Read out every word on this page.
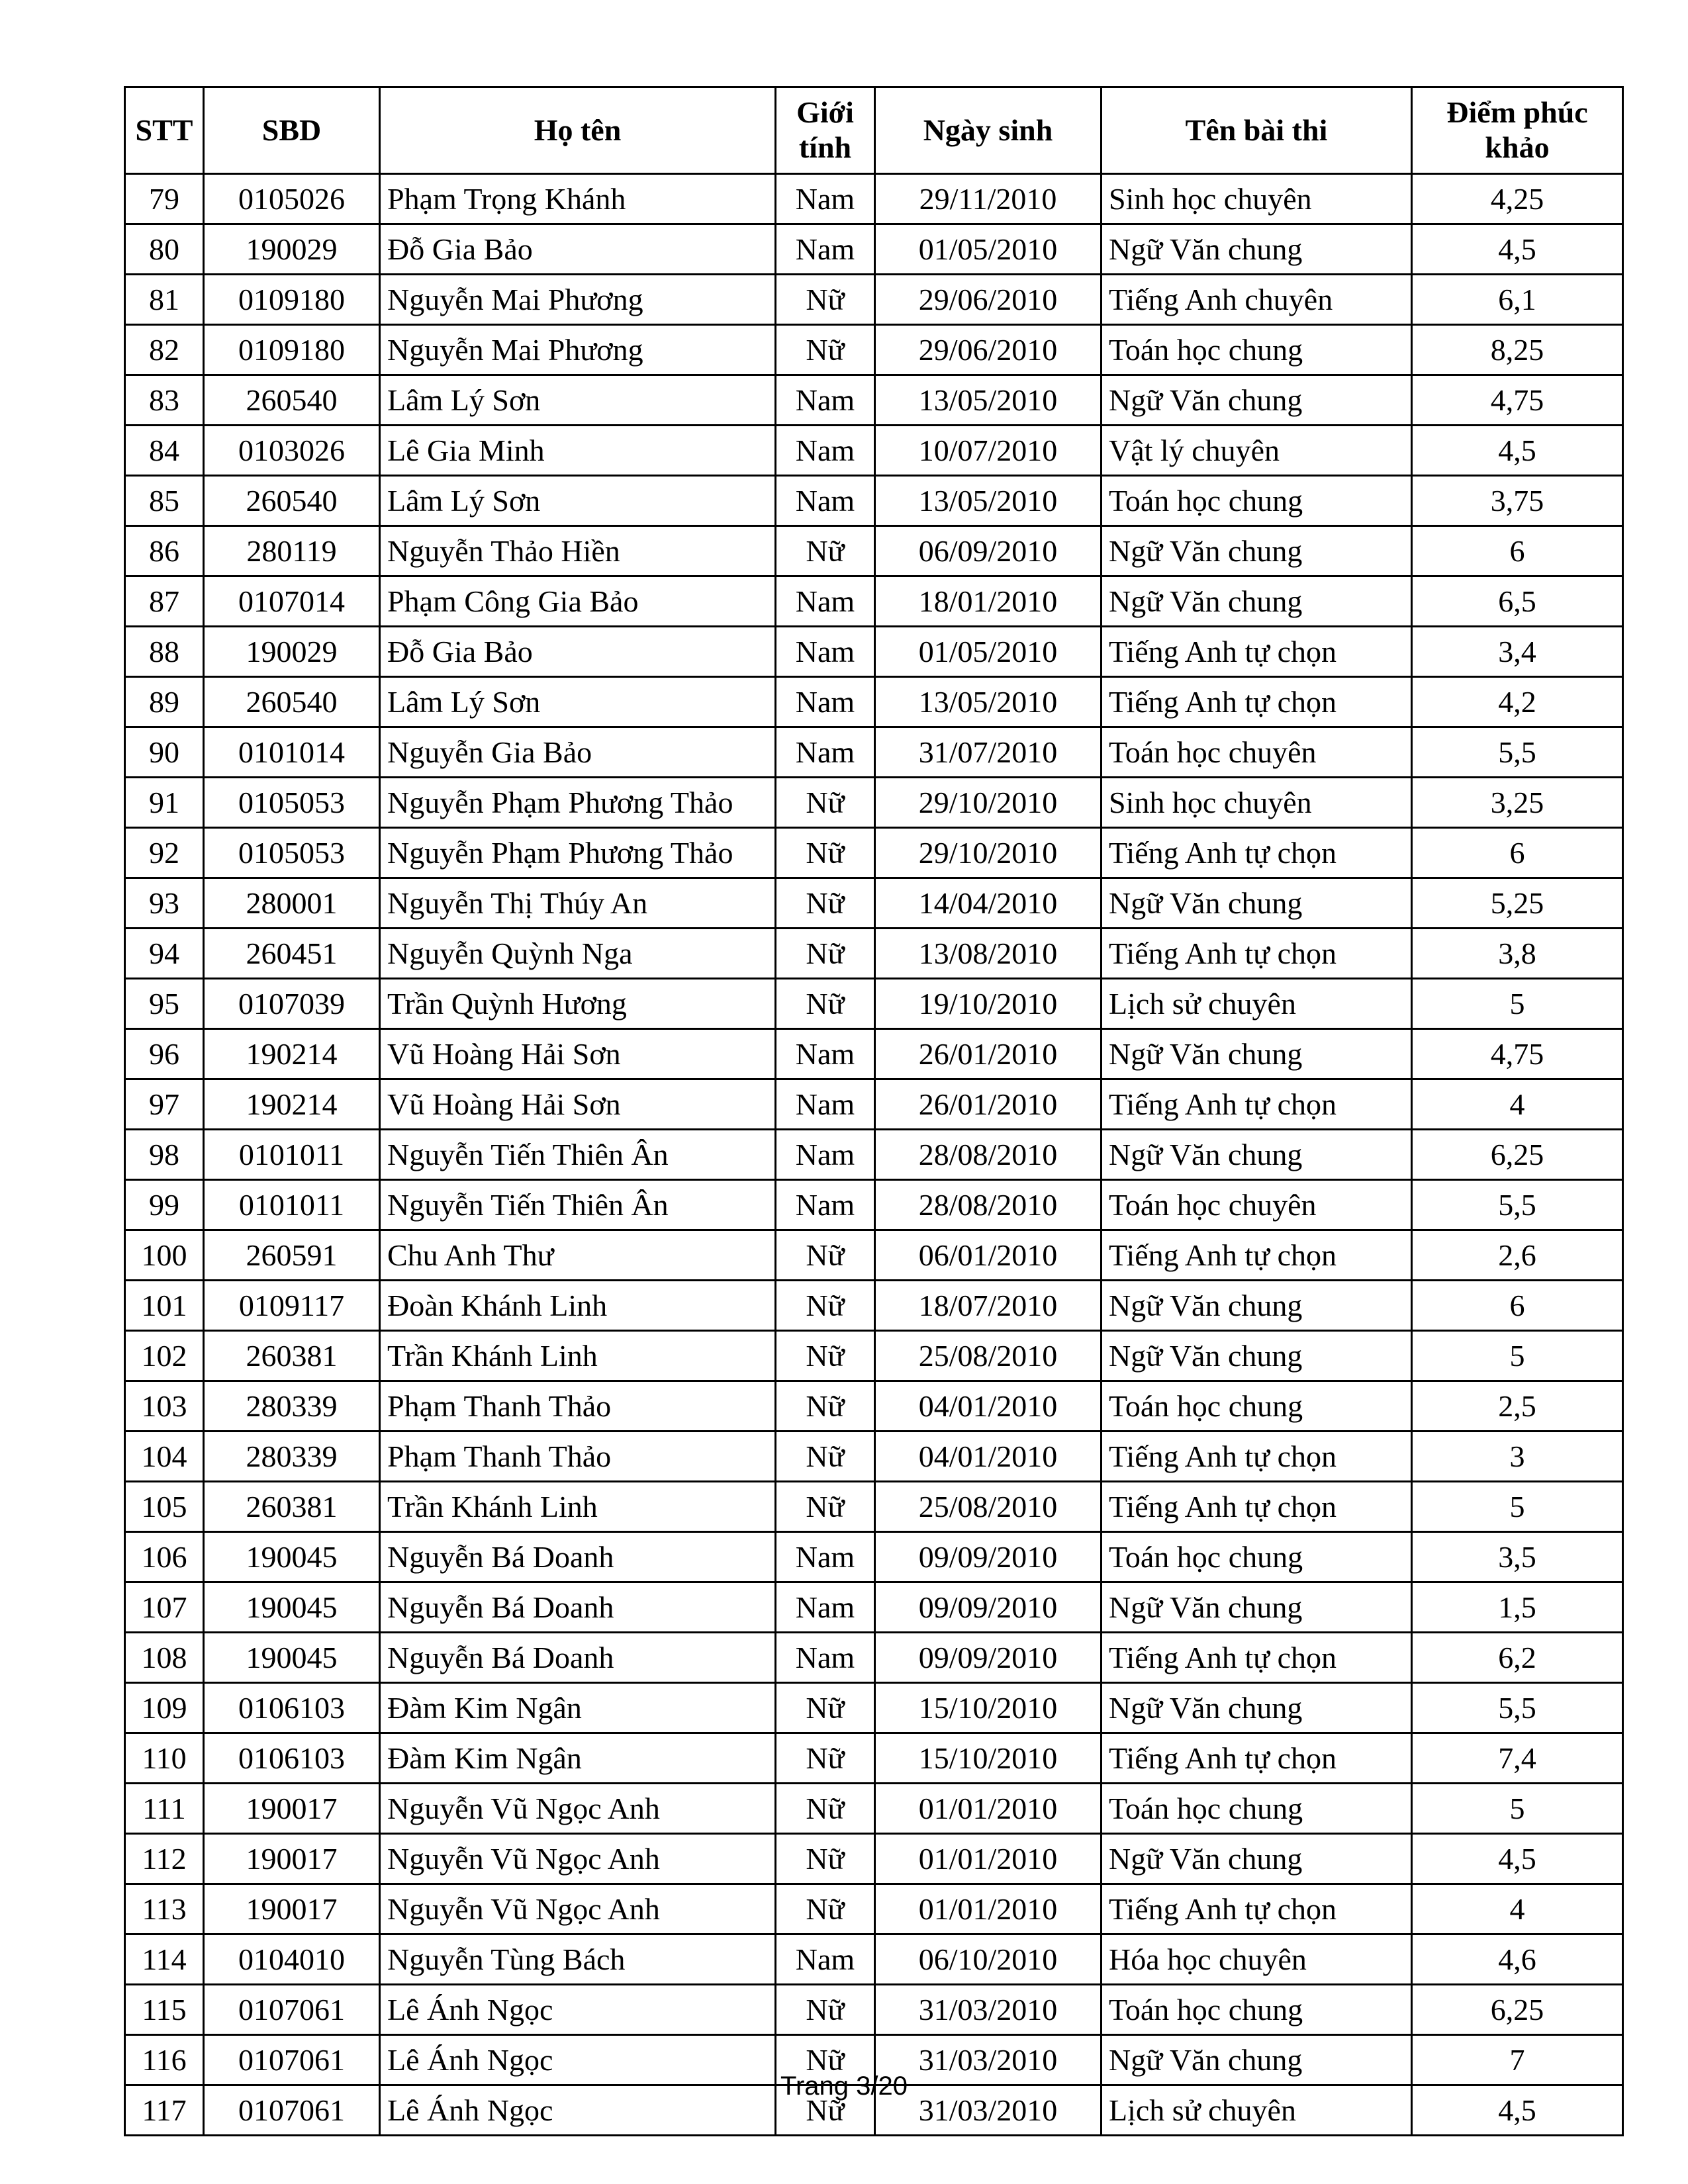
STT	SBD	Họ tên	Giới tính	Ngày sinh	Tên bài thi	Điểm phúc khảo
79	0105026	Phạm Trọng Khánh	Nam	29/11/2010	Sinh học chuyên	4,25
80	190029	Đỗ Gia Bảo	Nam	01/05/2010	Ngữ Văn chung	4,5
81	0109180	Nguyễn Mai Phương	Nữ	29/06/2010	Tiếng Anh chuyên	6,1
82	0109180	Nguyễn Mai Phương	Nữ	29/06/2010	Toán học chung	8,25
83	260540	Lâm Lý Sơn	Nam	13/05/2010	Ngữ Văn chung	4,75
84	0103026	Lê Gia Minh	Nam	10/07/2010	Vật lý chuyên	4,5
85	260540	Lâm Lý Sơn	Nam	13/05/2010	Toán học chung	3,75
86	280119	Nguyễn Thảo Hiền	Nữ	06/09/2010	Ngữ Văn chung	6
87	0107014	Phạm Công Gia Bảo	Nam	18/01/2010	Ngữ Văn chung	6,5
88	190029	Đỗ Gia Bảo	Nam	01/05/2010	Tiếng Anh tự chọn	3,4
89	260540	Lâm Lý Sơn	Nam	13/05/2010	Tiếng Anh tự chọn	4,2
90	0101014	Nguyễn Gia Bảo	Nam	31/07/2010	Toán học chuyên	5,5
91	0105053	Nguyễn Phạm Phương Thảo	Nữ	29/10/2010	Sinh học chuyên	3,25
92	0105053	Nguyễn Phạm Phương Thảo	Nữ	29/10/2010	Tiếng Anh tự chọn	6
93	280001	Nguyễn Thị Thúy An	Nữ	14/04/2010	Ngữ Văn chung	5,25
94	260451	Nguyễn Quỳnh Nga	Nữ	13/08/2010	Tiếng Anh tự chọn	3,8
95	0107039	Trần Quỳnh Hương	Nữ	19/10/2010	Lịch sử chuyên	5
96	190214	Vũ Hoàng Hải Sơn	Nam	26/01/2010	Ngữ Văn chung	4,75
97	190214	Vũ Hoàng Hải Sơn	Nam	26/01/2010	Tiếng Anh tự chọn	4
98	0101011	Nguyễn Tiến Thiên Ân	Nam	28/08/2010	Ngữ Văn chung	6,25
99	0101011	Nguyễn Tiến Thiên Ân	Nam	28/08/2010	Toán học chuyên	5,5
100	260591	Chu Anh Thư	Nữ	06/01/2010	Tiếng Anh tự chọn	2,6
101	0109117	Đoàn Khánh Linh	Nữ	18/07/2010	Ngữ Văn chung	6
102	260381	Trần Khánh Linh	Nữ	25/08/2010	Ngữ Văn chung	5
103	280339	Phạm Thanh Thảo	Nữ	04/01/2010	Toán học chung	2,5
104	280339	Phạm Thanh Thảo	Nữ	04/01/2010	Tiếng Anh tự chọn	3
105	260381	Trần Khánh Linh	Nữ	25/08/2010	Tiếng Anh tự chọn	5
106	190045	Nguyễn Bá Doanh	Nam	09/09/2010	Toán học chung	3,5
107	190045	Nguyễn Bá Doanh	Nam	09/09/2010	Ngữ Văn chung	1,5
108	190045	Nguyễn Bá Doanh	Nam	09/09/2010	Tiếng Anh tự chọn	6,2
109	0106103	Đàm Kim Ngân	Nữ	15/10/2010	Ngữ Văn chung	5,5
110	0106103	Đàm Kim Ngân	Nữ	15/10/2010	Tiếng Anh tự chọn	7,4
111	190017	Nguyễn Vũ Ngọc Anh	Nữ	01/01/2010	Toán học chung	5
112	190017	Nguyễn Vũ Ngọc Anh	Nữ	01/01/2010	Ngữ Văn chung	4,5
113	190017	Nguyễn Vũ Ngọc Anh	Nữ	01/01/2010	Tiếng Anh tự chọn	4
114	0104010	Nguyễn Tùng Bách	Nam	06/10/2010	Hóa học chuyên	4,6
115	0107061	Lê Ánh Ngọc	Nữ	31/03/2010	Toán học chung	6,25
116	0107061	Lê Ánh Ngọc	Nữ	31/03/2010	Ngữ Văn chung	7
117	0107061	Lê Ánh Ngọc	Nữ	31/03/2010	Lịch sử chuyên	4,5
Trang 3/20
